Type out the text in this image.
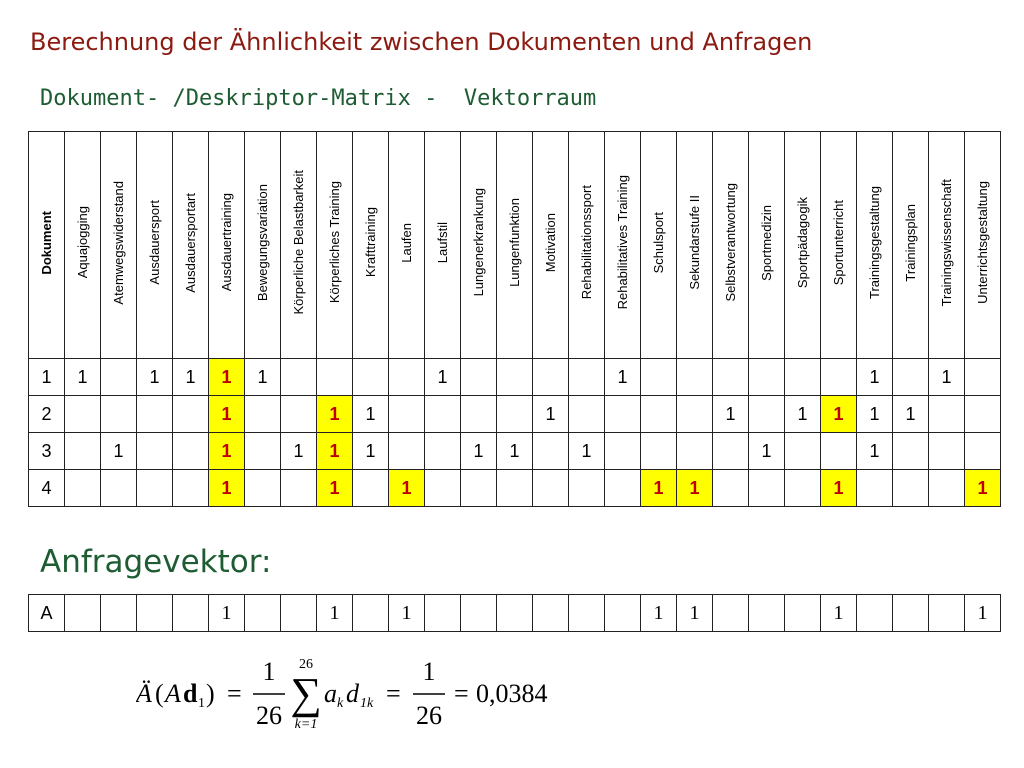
Berechnung der Ähnlichkeit zwischen Dokumenten und Anfragen
Dokument- /Deskriptor-Matrix -  Vektorraum
Dokument	Aquajogging	Atemwegswiderstand	Ausdauersport	Ausdauersportart	Ausdauertraining	Bewegungsvariation	Körperliche Belastbarkeit	Körperliches Training	Krafttraining	Laufen	Laufstil	Lungenerkrankung	Lungenfunktion	Motivation	Rehabilitationssport	Rehabilitatives Training	Schulsport	Sekundarstufe II	Selbstverantwortung	Sportmedizin	Sportpädagogik	Sportunterricht	Trainingsgestaltung	Trainingsplan	Trainingswissenschaft	Unterrichtsgestaltung
1	1		1	1	1	1					1					1							1		1	
2					1			1	1					1					1		1	1	1	1		
3		1			1		1	1	1			1	1		1					1			1			
4					1			1		1							1	1				1				1
Anfragevektor:
A					1			1		1							1	1				1				1
Ä ( A d 1 ) =
1
26
26
∑
k=1
a k d 1k =
1
26
= 0,0384
